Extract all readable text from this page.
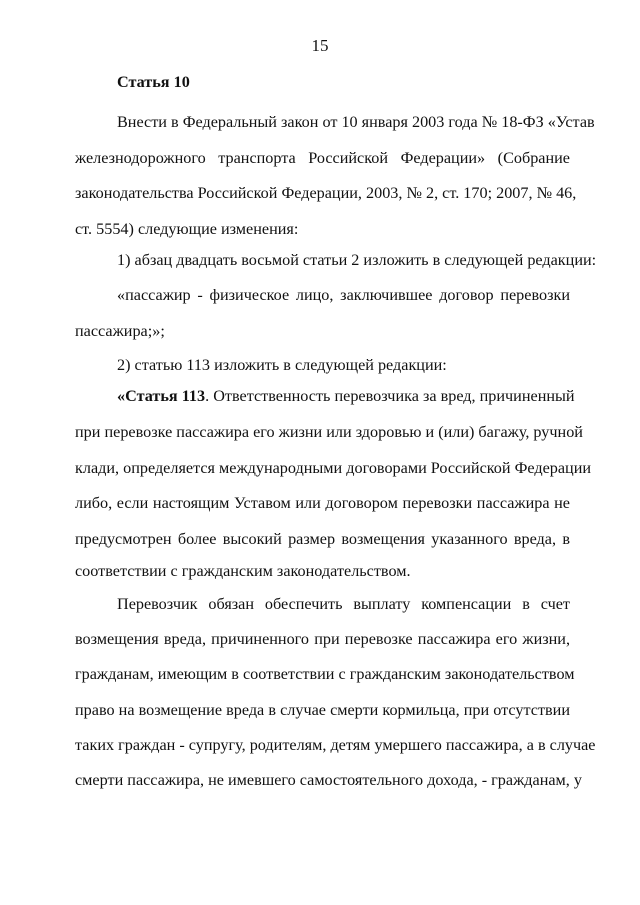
15
Статья 10
Внести в Федеральный закон от 10 января 2003 года № 18-ФЗ «Устав
железнодорожного транспорта Российской Федерации» (Собрание
законодательства Российской Федерации, 2003, № 2, ст. 170; 2007, № 46,
ст. 5554) следующие изменения:
1) абзац двадцать восьмой статьи 2 изложить в следующей редакции:
«пассажир - физическое лицо, заключившее договор перевозки
пассажира;»;
2) статью 113 изложить в следующей редакции:
«Статья 113. Ответственность перевозчика за вред, причиненный
при перевозке пассажира его жизни или здоровью и (или) багажу, ручной
клади, определяется международными договорами Российской Федерации
либо, если настоящим Уставом или договором перевозки пассажира не
предусмотрен более высокий размер возмещения указанного вреда, в
соответствии с гражданским законодательством.
Перевозчик обязан обеспечить выплату компенсации в счет
возмещения вреда, причиненного при перевозке пассажира его жизни,
гражданам, имеющим в соответствии с гражданским законодательством
право на возмещение вреда в случае смерти кормильца, при отсутствии
таких граждан - супругу, родителям, детям умершего пассажира, а в случае
смерти пассажира, не имевшего самостоятельного дохода, - гражданам, у
